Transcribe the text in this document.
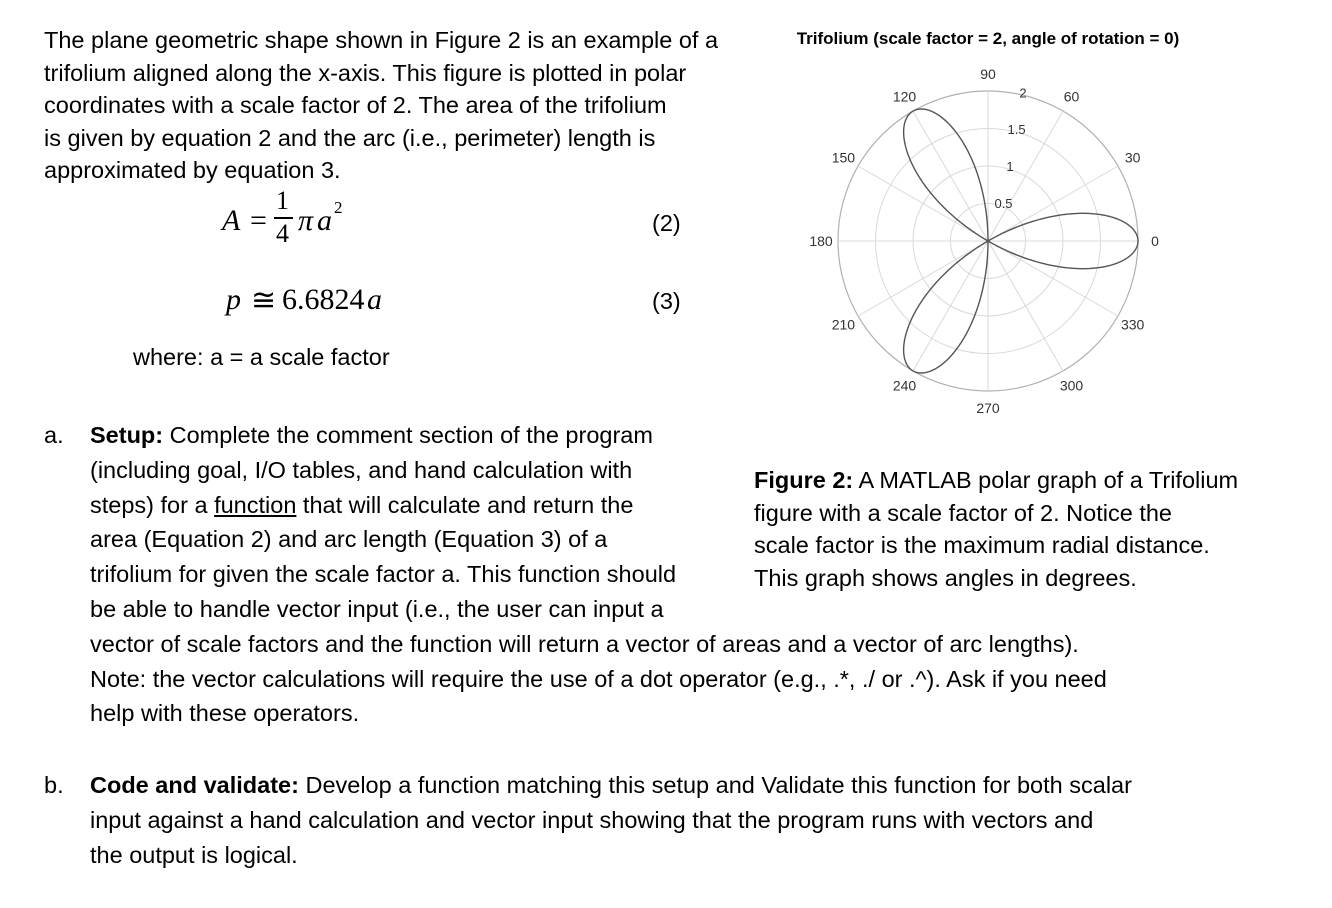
The plane geometric shape shown in Figure 2 is an example of a
trifolium aligned along the x-axis. This figure is plotted in polar
coordinates with a scale factor of 2. The area of the trifolium
is given by equation 2 and the arc (i.e., perimeter) length is
approximated by equation 3.
A =
1
4 π a 2
(2)
p ≅ 6.6824 a	(3)
where: a = a scale factor
Trifolium (scale factor = 2, angle of rotation = 0)
0
30
60
90
120
150
180
210
240
270
300
330
0.5
1
1.5
2
a. Setup: Complete the comment section of the program
(including goal, I/O tables, and hand calculation with
steps) for a function that will calculate and return the
area (Equation 2) and arc length (Equation 3) of a
trifolium for given the scale factor a. This function should
be able to handle vector input (i.e., the user can input a
vector of scale factors and the function will return a vector of areas and a vector of arc lengths).
Note: the vector calculations will require the use of a dot operator (e.g., .*, ./ or .^). Ask if you need
help with these operators.
Figure 2: A MATLAB polar graph of a Trifolium
figure with a scale factor of 2. Notice the
scale factor is the maximum radial distance.
This graph shows angles in degrees.
b. Code and validate: Develop a function matching this setup and Validate this function for both scalar
input against a hand calculation and vector input showing that the program runs with vectors and
the output is logical.
